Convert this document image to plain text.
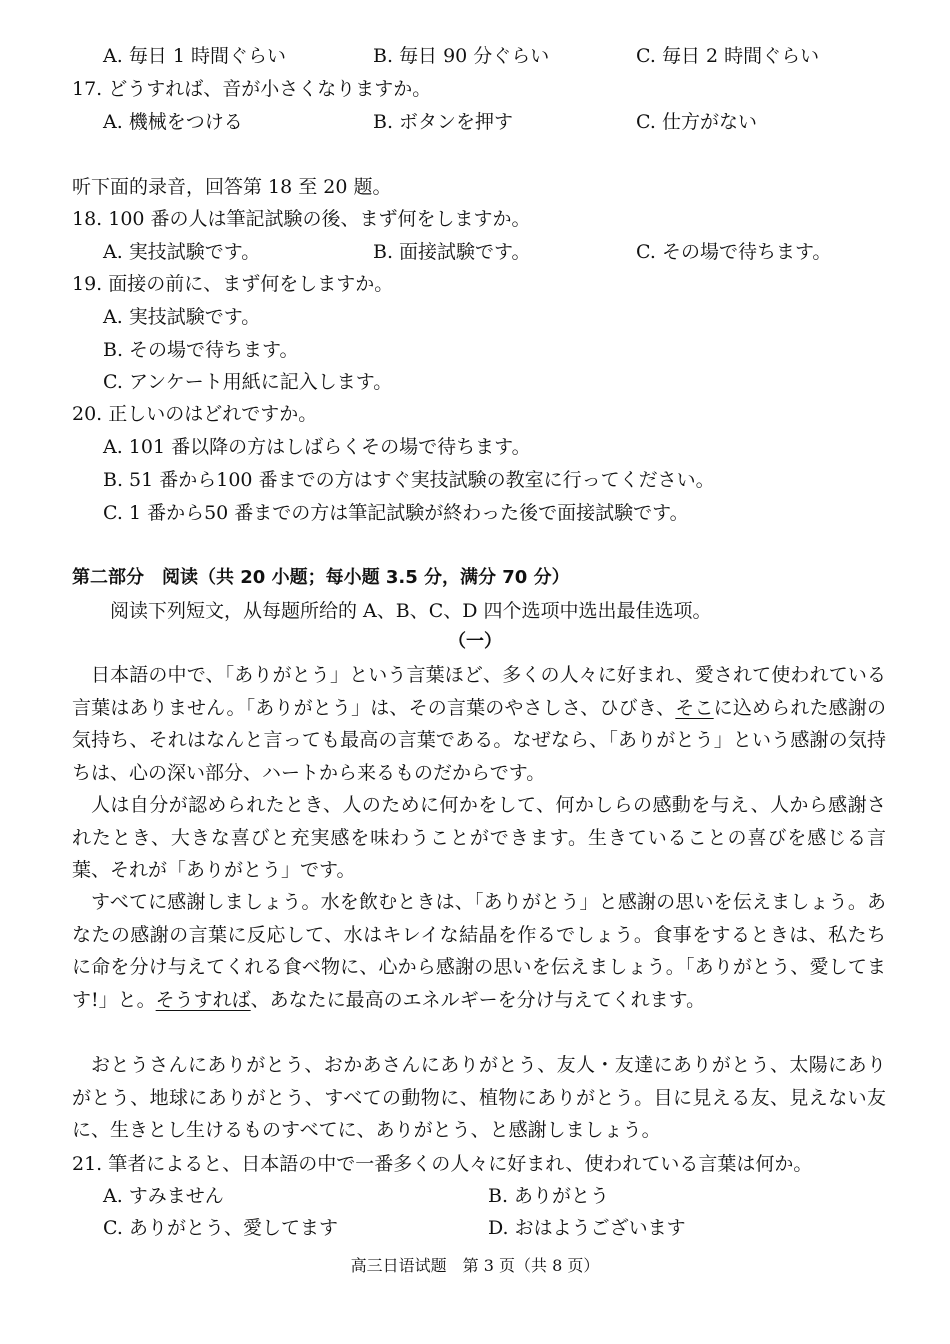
A. 毎日 1 時間ぐらい	B. 毎日 90 分ぐらい	C. 毎日 2 時間ぐらい
17. どうすれば、音が小さくなりますか。
A. 機械をつける	B. ボタンを押す	C. 仕方がない
听下面的录音，回答第 18 至 20 题。
18. 100 番の人は筆記試験の後、まず何をしますか。
A. 実技試験です。	B. 面接試験です。	C. その場で待ちます。
19. 面接の前に、まず何をしますか。
A. 実技試験です。
B. その場で待ちます。
C. アンケート用紙に記入します。
20. 正しいのはどれですか。
A. 101 番以降の方はしばらくその場で待ちます。
B. 51 番から100 番までの方はすぐ実技試験の教室に行ってください。
C. 1 番から50 番までの方は筆記試験が終わった後で面接試験です。
第二部分　阅读（共 20 小题；每小题 3.5 分，满分 70 分）
阅读下列短文，从每题所给的 A、B、C、D 四个选项中选出最佳选项。
（一）
日本語の中で、「ありがとう」という言葉ほど、多くの人々に好まれ、愛されて使われている言葉はありません。「ありがとう」は、その言葉のやさしさ、ひびき、そこに込められた感謝の気持ち、それはなんと言っても最高の言葉である。なぜなら、「ありがとう」という感謝の気持ちは、心の深い部分、ハートから来るものだからです。
人は自分が認められたとき、人のために何かをして、何かしらの感動を与え、人から感謝されたとき、大きな喜びと充実感を味わうことができます。生きていることの喜びを感じる言葉、それが「ありがとう」です。
すべてに感謝しましょう。水を飲むときは、「ありがとう」と感謝の思いを伝えましょう。あなたの感謝の言葉に反応して、水はキレイな結晶を作るでしょう。食事をするときは、私たちに命を分け与えてくれる食べ物に、心から感謝の思いを伝えましょう。「ありがとう、愛してます!」と。そうすれば、あなたに最高のエネルギーを分け与えてくれます。
おとうさんにありがとう、おかあさんにありがとう、友人・友達にありがとう、太陽にありがとう、地球にありがとう、すべての動物に、植物にありがとう。目に見える友、見えない友に、生きとし生けるものすべてに、ありがとう、と感謝しましょう。
21. 筆者によると、日本語の中で一番多くの人々に好まれ、使われている言葉は何か。
A. すみません	B. ありがとう
C. ありがとう、愛してます	D. おはようございます
高三日语试题　第 3 页（共 8 页）
